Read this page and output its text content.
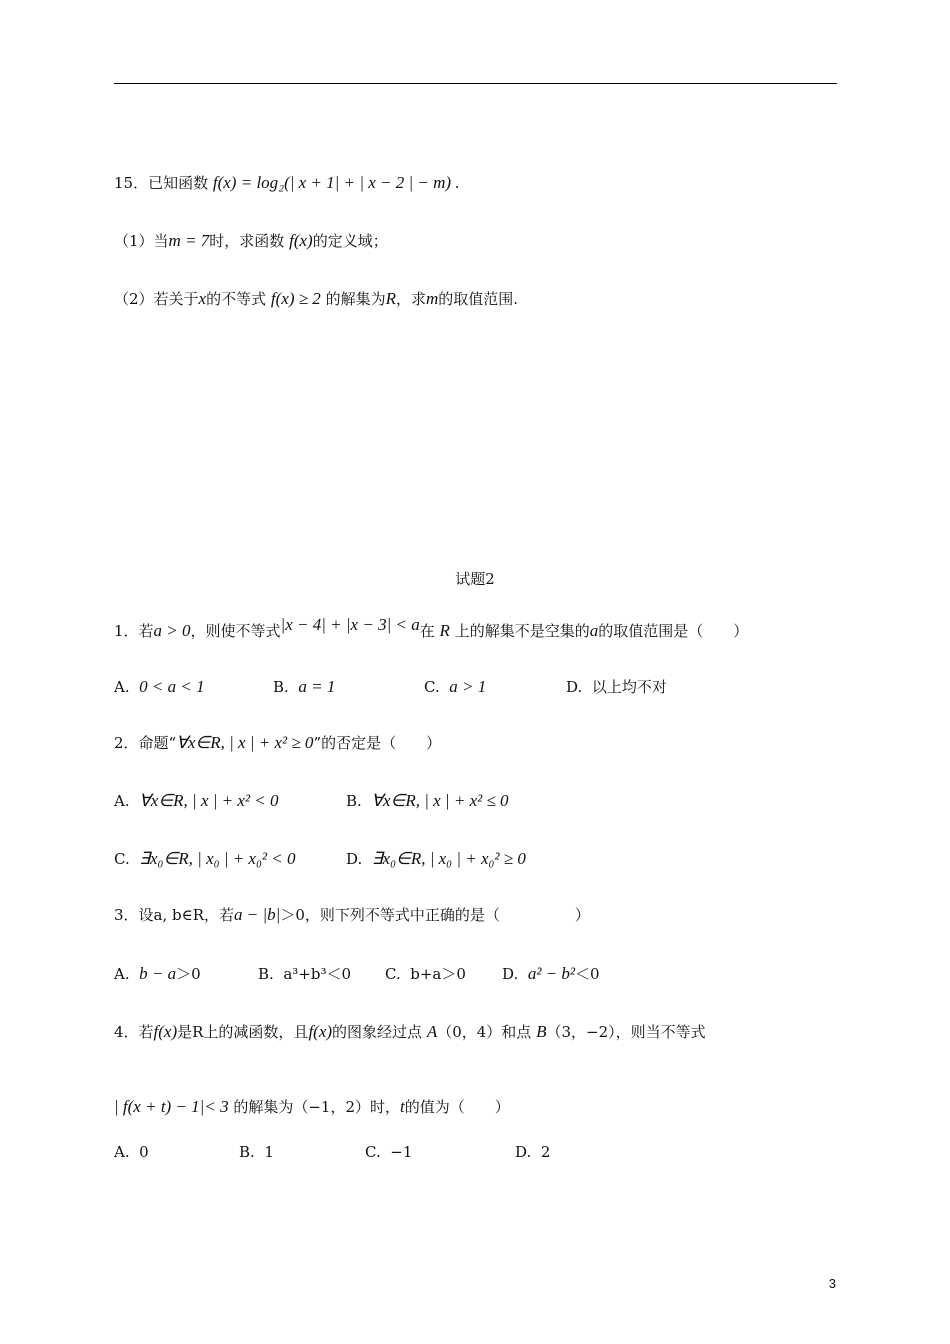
15．已知函数 f(x) = log₂(| x + 1| + | x − 2 | − m) .
（1）当m = 7时，求函数 f(x)的定义域；
（2）若关于x的不等式 f(x) ≥ 2 的解集为R，求m的取值范围.
试题2
1．若a > 0，则使不等式|x − 4| + |x − 3| < a在 R 上的解集不是空集的a的取值范围是（　　）
A. 0 < a < 1	B. a = 1	C. a > 1	D. 以上均不对
2．命题“∀x∈R, | x | + x² ≥ 0”的否定是（　　）
A. ∀x∈R, | x | + x² < 0	B. ∀x∈R, | x | + x² ≤ 0
C. ∃x₀∈R, | x₀ | + x₀² < 0	D. ∃x₀∈R, | x₀ | + x₀² ≥ 0
3．设a, b∈R，若a − |b|＞0，则下列不等式中正确的是（　　　　　）
A. b − a＞0	B. a³+b³＜0 C. b+a＞0 D. a² − b²＜0
4．若f(x)是R上的减函数，且f(x)的图象经过点 A（0，4）和点 B（3，−2），则当不等式
| f(x + t) − 1|< 3 的解集为（−1，2）时，t的值为（　　）
A. 0	B. 1	C. −1	D. 2
3
